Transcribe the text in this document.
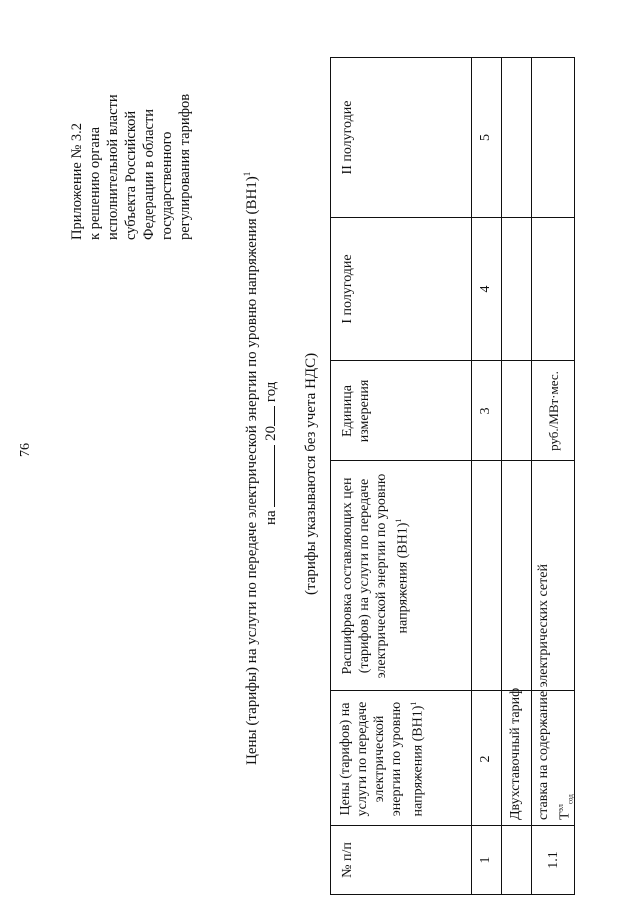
76
Приложение № 3.2 к решению органа исполнительной власти субъекта Российской Федерации в области государственного регулирования тарифов
Цены (тарифы) на услуги по передаче электрической энергии по уровню напряжения $(ВН1)^1$
на  20 год (тарифы указываются без учета НДС)
Цены (тарифов) на услуги по передаче электрической энергии по уровню напряжения $(ВН1)^1$
Расшифровка составляющих цен (тарифов) на услуги по передаче электрической энергии по уровню напряжения $(ВН1)^1$
Единица измерения
I полугодие
II полугодие
№ п/п	1
2
3
4
5
Двухставочный тариф
1.1
ставка на содержание электрических сетей $Т^{эл}_{сод}$
руб./МВт·мес.
